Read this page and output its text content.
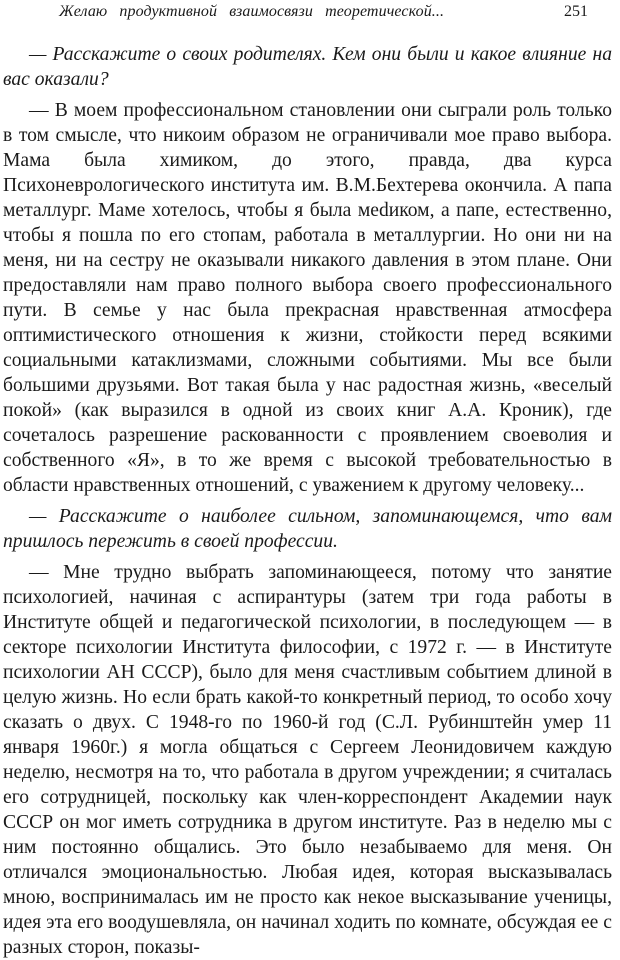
Желаю продуктивной взаимосвязи теоретической...	251

— Расскажите о своих родителях. Кем они были и какое влияние на вас оказали?

— В моем профессиональном становлении они сыграли роль только в том смысле, что никоим образом не ограничивали мое право выбора. Мама была химиком, до этого, правда, два курса Психоневрологического института им. В.М.Бехтерева окончила. А папа металлург. Маме хотелось, чтобы я была меdиком, а папе, естественно, чтобы я пошла по его стопам, работала в металлургии. Но они ни на меня, ни на сестру не оказывали никакого давления в этом плане. Они предоставляли нам право полного выбора своего профессионального пути. В семье у нас была прекрасная нравственная атмосфера оптимистического отношения к жизни, стойкости перед всякими социальными катаклизмами, сложными событиями. Мы все были большими друзьями. Вот такая была у нас радостная жизнь, «веселый покой» (как выразился в одной из своих книг А.А. Кроник), где сочеталось разрешение раскованности с проявлением своеволия и собственного «Я», в то же время с высокой требовательностью в области нравственных отношений, с уважением к другому человеку...

— Расскажите о наиболее сильном, запоминающемся, что вам пришлось пережить в своей профессии.

— Мне трудно выбрать запоминающееся, потому что занятие психологией, начиная с аспирантуры (затем три года работы в Институте общей и педагогической психологии, в последующем — в секторе психологии Института философии, с 1972 г. — в Институте психологии АН СССР), было для меня счастливым событием длиной в целую жизнь. Но если брать какой-то конкретный период, то особо хочу сказать о двух. С 1948-го по 1960-й год (С.Л. Рубинштейн умер 11 января 1960г.) я могла общаться с Сергеем Леонидовичем каждую неделю, несмотря на то, что работала в другом учреждении; я считалась его сотрудницей, поскольку как член-корреспондент Академии наук СССР он мог иметь сотрудника в другом институте. Раз в неделю мы с ним постоянно общались. Это было незабываемо для меня. Он отличался эмоциональностью. Любая идея, которая высказывалась мною, воспринималась им не просто как некое высказывание ученицы, идея эта его воодушевляла, он начинал ходить по комнате, обсуждая ее с разных сторон, показы-
